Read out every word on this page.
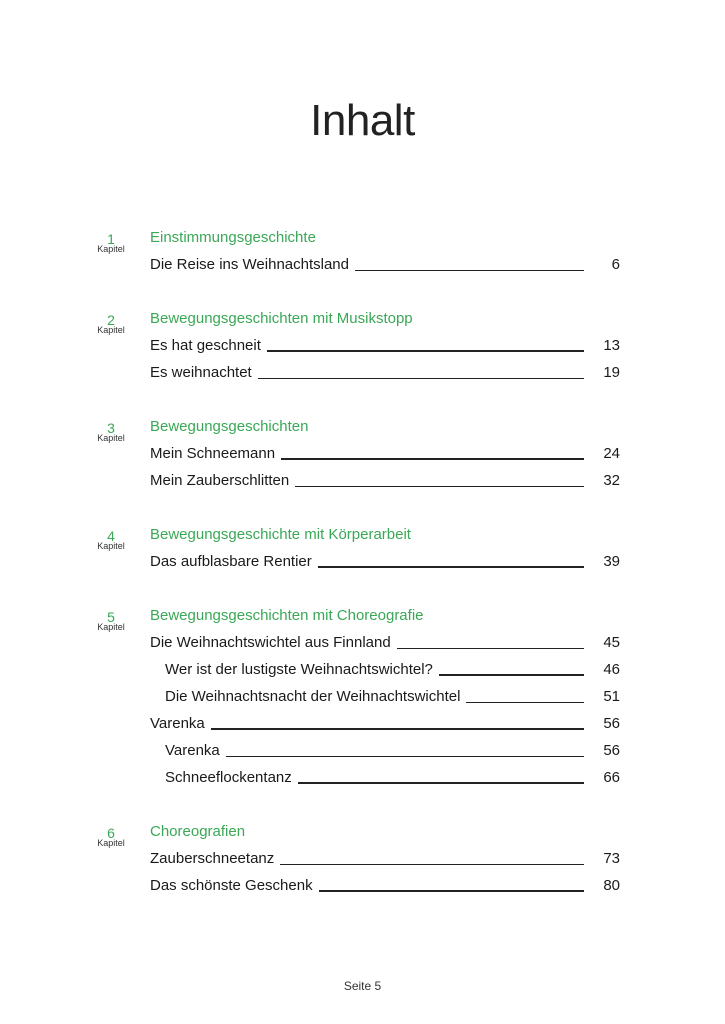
Inhalt
1
Kapitel
Einstimmungsgeschichte
Die Reise ins Weihnachtsland	6
2
Kapitel
Bewegungsgeschichten mit Musikstopp
Es hat geschneit	13
Es weihnachtet	19
3
Kapitel
Bewegungsgeschichten
Mein Schneemann	24
Mein Zauberschlitten	32
4
Kapitel
Bewegungsgeschichte mit Körperarbeit
Das aufblasbare Rentier	39
5
Kapitel
Bewegungsgeschichten mit Choreografie
Die Weihnachtswichtel aus Finnland	45
Wer ist der lustigste Weihnachtswichtel?	46
Die Weihnachtsnacht der Weihnachtswichtel	51
Varenka	56
Varenka	56
Schneeflockentanz	66
6
Kapitel
Choreografien
Zauberschneetanz	73
Das schönste Geschenk	80
Seite 5
